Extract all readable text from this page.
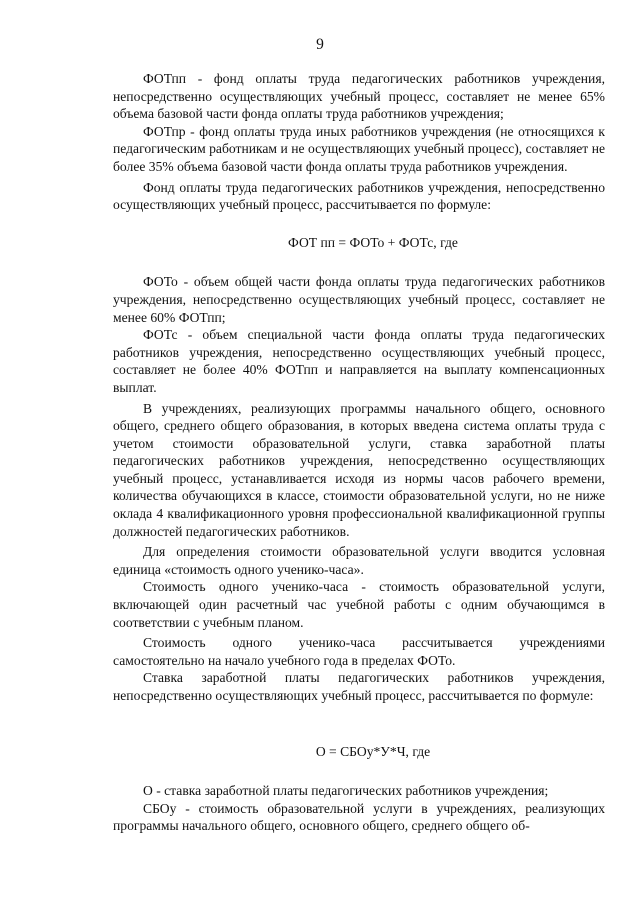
9

ФОТпп - фонд оплаты труда педагогических работников учреждения, непосредственно осуществляющих учебный процесс, составляет не менее 65% объема базовой части фонда оплаты труда работников учреждения;

ФОТпр - фонд оплаты труда иных работников учреждения (не относящихся к педагогическим работникам и не осуществляющих учебный процесс), составляет не более 35% объема базовой части фонда оплаты труда работников учреждения.

Фонд оплаты труда педагогических работников учреждения, непосредственно осуществляющих учебный процесс, рассчитывается по формуле:

ФОТ пп = ФОТо + ФОТс, где

ФОТо - объем общей части фонда оплаты труда педагогических работников учреждения, непосредственно осуществляющих учебный процесс, составляет не менее 60% ФОТпп;

ФОТс - объем специальной части фонда оплаты труда педагогических работников учреждения, непосредственно осуществляющих учебный процесс, составляет не более 40% ФОТпп и направляется на выплату компенсационных выплат.

В учреждениях, реализующих программы начального общего, основного общего, среднего общего образования, в которых введена система оплаты труда с учетом стоимости образовательной услуги, ставка заработной платы педагогических работников учреждения, непосредственно осуществляющих учебный процесс, устанавливается исходя из нормы часов рабочего времени, количества обучающихся в классе, стоимости образовательной услуги, но не ниже оклада 4 квалификационного уровня профессиональной квалификационной группы должностей педагогических работников.

Для определения стоимости образовательной услуги вводится условная единица «стоимость одного ученико-часа».

Стоимость одного ученико-часа - стоимость образовательной услуги, включающей один расчетный час учебной работы с одним обучающимся в соответствии с учебным планом.

Стоимость одного ученико-часа рассчитывается учреждениями самостоятельно на начало учебного года в пределах ФОТо.

Ставка заработной платы педагогических работников учреждения, непосредственно осуществляющих учебный процесс, рассчитывается по формуле:

О = СБОу*У*Ч, где

О - ставка заработной платы педагогических работников учреждения;

СБОу - стоимость образовательной услуги в учреждениях, реализующих программы начального общего, основного общего, среднего общего об-
